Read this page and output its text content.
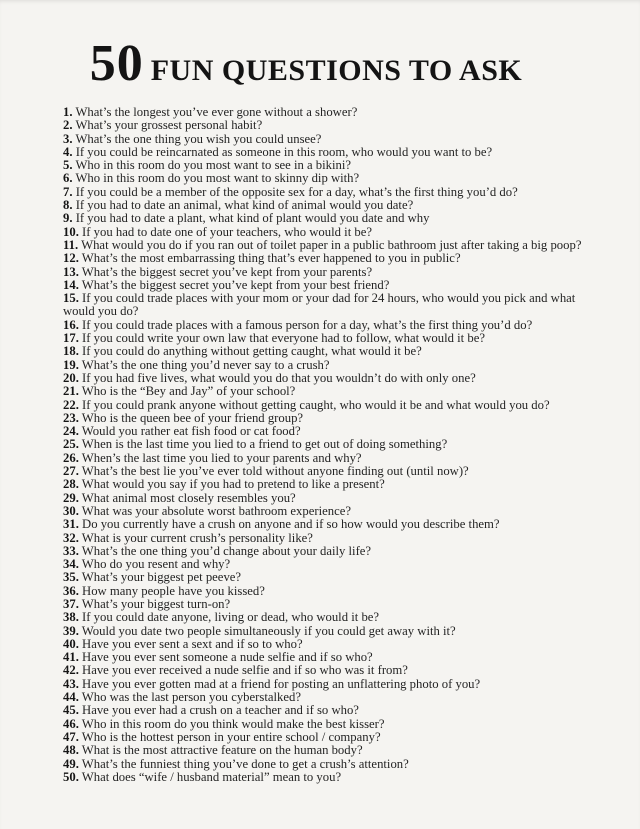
50 FUN QUESTIONS TO ASK

1. What’s the longest you’ve ever gone without a shower?

2. What’s your grossest personal habit?

3. What’s the one thing you wish you could unsee?

4. If you could be reincarnated as someone in this room, who would you want to be?

5. Who in this room do you most want to see in a bikini?

6. Who in this room do you most want to skinny dip with?

7. If you could be a member of the opposite sex for a day, what’s the first thing you’d do?

8. If you had to date an animal, what kind of animal would you date?

9. If you had to date a plant, what kind of plant would you date and why

10. If you had to date one of your teachers, who would it be?

11. What would you do if you ran out of toilet paper in a public bathroom just after taking a big poop?

12. What’s the most embarrassing thing that’s ever happened to you in public?

13. What’s the biggest secret you’ve kept from your parents?

14. What’s the biggest secret you’ve kept from your best friend?

15. If you could trade places with your mom or your dad for 24 hours, who would you pick and what would you do?

16. If you could trade places with a famous person for a day, what’s the first thing you’d do?

17. If you could write your own law that everyone had to follow, what would it be?

18. If you could do anything without getting caught, what would it be?

19. What’s the one thing you’d never say to a crush?

20. If you had five lives, what would you do that you wouldn’t do with only one?

21. Who is the “Bey and Jay” of your school?

22. If you could prank anyone without getting caught, who would it be and what would you do?

23. Who is the queen bee of your friend group?

24. Would you rather eat fish food or cat food?

25. When is the last time you lied to a friend to get out of doing something?

26. When’s the last time you lied to your parents and why?

27. What’s the best lie you’ve ever told without anyone finding out (until now)?

28. What would you say if you had to pretend to like a present?

29. What animal most closely resembles you?

30. What was your absolute worst bathroom experience?

31. Do you currently have a crush on anyone and if so how would you describe them?

32. What is your current crush’s personality like?

33. What’s the one thing you’d change about your daily life?

34. Who do you resent and why?

35. What’s your biggest pet peeve?

36. How many people have you kissed?

37. What’s your biggest turn-on?

38. If you could date anyone, living or dead, who would it be?

39. Would you date two people simultaneously if you could get away with it?

40. Have you ever sent a sext and if so to who?

41. Have you ever sent someone a nude selfie and if so who?

42. Have you ever received a nude selfie and if so who was it from?

43. Have you ever gotten mad at a friend for posting an unflattering photo of you?

44. Who was the last person you cyberstalked?

45. Have you ever had a crush on a teacher and if so who?

46. Who in this room do you think would make the best kisser?

47. Who is the hottest person in your entire school / company?

48. What is the most attractive feature on the human body?

49. What’s the funniest thing you’ve done to get a crush’s attention?

50. What does “wife / husband material” mean to you?
